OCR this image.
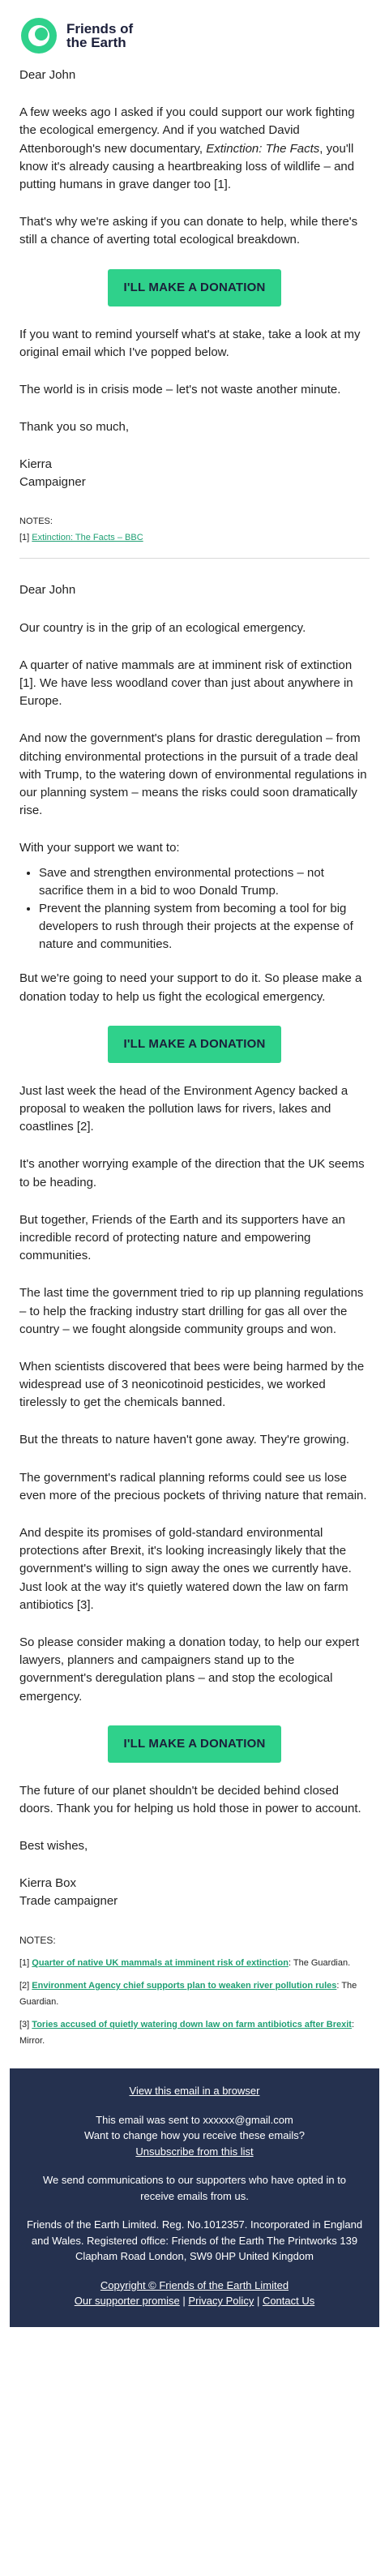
Friends of
the Earth

Dear John

A few weeks ago I asked if you could support our work fighting the ecological emergency. And if you watched David Attenborough's new documentary, Extinction: The Facts, you'll know it's already causing a heartbreaking loss of wildlife – and putting humans in grave danger too [1].

That's why we're asking if you can donate to help, while there's still a chance of averting total ecological breakdown.

I'LL MAKE A DONATION

If you want to remind yourself what's at stake, take a look at my original email which I've popped below.

The world is in crisis mode – let's not waste another minute.

Thank you so much,

Kierra
Campaigner

NOTES:
[1] Extinction: The Facts – BBC

Dear John

Our country is in the grip of an ecological emergency.

A quarter of native mammals are at imminent risk of extinction [1]. We have less woodland cover than just about anywhere in Europe.

And now the government's plans for drastic deregulation – from ditching environmental protections in the pursuit of a trade deal with Trump, to the watering down of environmental regulations in our planning system – means the risks could soon dramatically rise.

With your support we want to:

• Save and strengthen environmental protections – not sacrifice them in a bid to woo Donald Trump.
• Prevent the planning system from becoming a tool for big developers to rush through their projects at the expense of nature and communities.

But we're going to need your support to do it. So please make a donation today to help us fight the ecological emergency.

I'LL MAKE A DONATION

Just last week the head of the Environment Agency backed a proposal to weaken the pollution laws for rivers, lakes and coastlines [2].

It's another worrying example of the direction that the UK seems to be heading.

But together, Friends of the Earth and its supporters have an incredible record of protecting nature and empowering communities.

The last time the government tried to rip up planning regulations – to help the fracking industry start drilling for gas all over the country – we fought alongside community groups and won.

When scientists discovered that bees were being harmed by the widespread use of 3 neonicotinoid pesticides, we worked tirelessly to get the chemicals banned.

But the threats to nature haven't gone away. They're growing.

The government's radical planning reforms could see us lose even more of the precious pockets of thriving nature that remain.

And despite its promises of gold-standard environmental protections after Brexit, it's looking increasingly likely that the government's willing to sign away the ones we currently have. Just look at the way it's quietly watered down the law on farm antibiotics [3].

So please consider making a donation today, to help our expert lawyers, planners and campaigners stand up to the government's deregulation plans – and stop the ecological emergency.

I'LL MAKE A DONATION

The future of our planet shouldn't be decided behind closed doors. Thank you for helping us hold those in power to account.

Best wishes,

Kierra Box
Trade campaigner

NOTES:
[1] Quarter of native UK mammals at imminent risk of extinction: The Guardian.
[2] Environment Agency chief supports plan to weaken river pollution rules: The Guardian.
[3] Tories accused of quietly watering down law on farm antibiotics after Brexit: Mirror.
View this email in a browser
This email was sent to xxxxxx@gmail.com
Want to change how you receive these emails?
Unsubscribe from this list
We send communications to our supporters who have opted in to receive emails from us.
Friends of the Earth Limited. Reg. No.1012357. Incorporated in England and Wales. Registered office: Friends of the Earth The Printworks 139 Clapham Road London, SW9 0HP United Kingdom
Copyright © Friends of the Earth Limited
Our supporter promise | Privacy Policy | Contact Us
